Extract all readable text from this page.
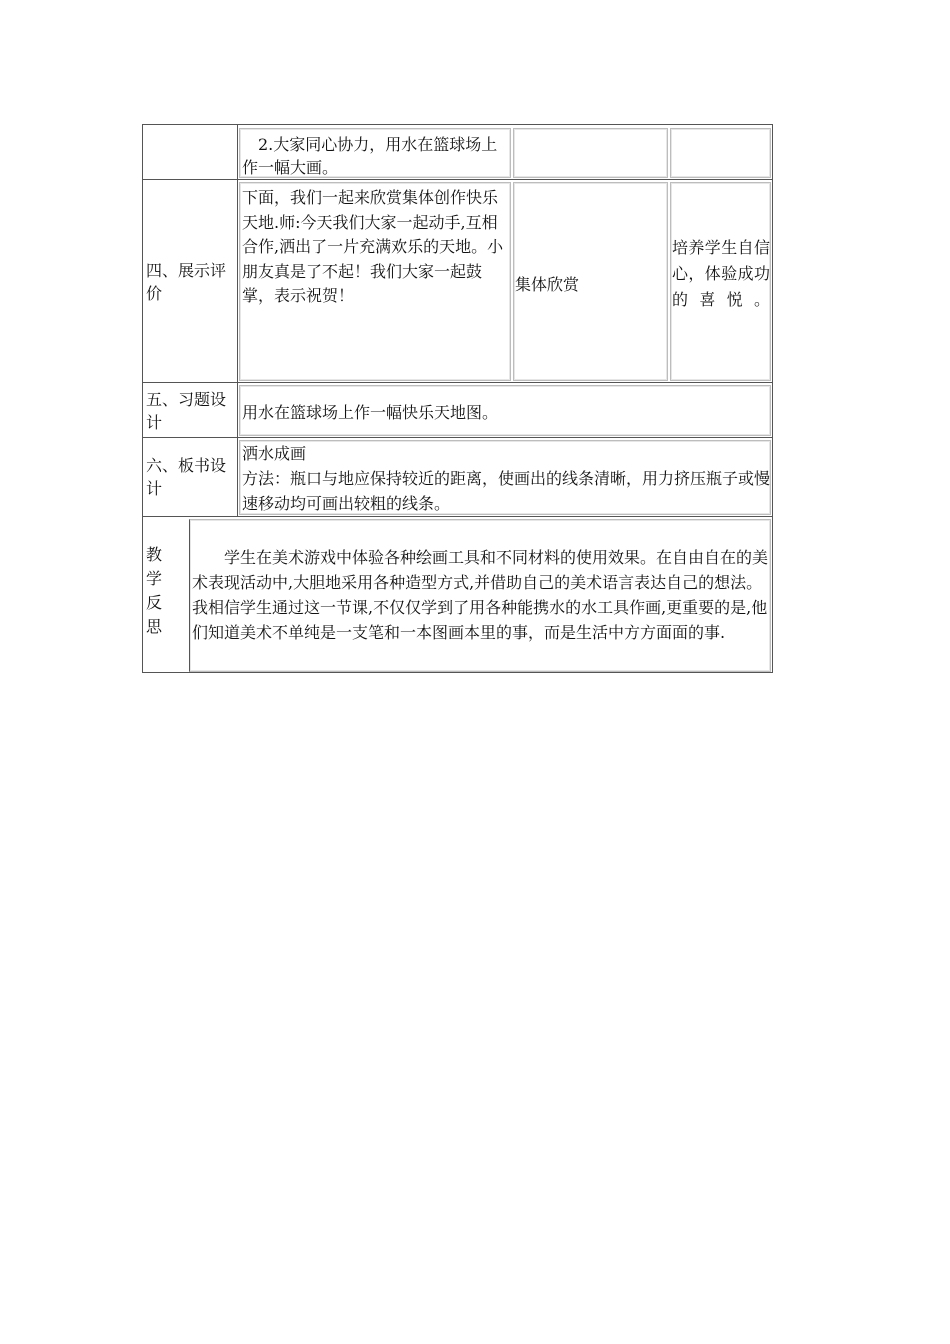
2.大家同心协力，用水在篮球场上作一幅大画。
四、展示评价
下面，我们一起来欣赏集体创作快乐天地.师:今天我们大家一起动手,互相合作,洒出了一片充满欢乐的天地。小朋友真是了不起！我们大家一起鼓掌，表示祝贺！
集体欣赏
培养学生自信心，体验成功的喜悦。
五、习题设计
用水在篮球场上作一幅快乐天地图。
六、板书设计
洒水成画
方法：瓶口与地应保持较近的距离，使画出的线条清晰，用力挤压瓶子或慢速移动均可画出较粗的线条。
教学反思
学生在美术游戏中体验各种绘画工具和不同材料的使用效果。在自由自在的美术表现活动中,大胆地采用各种造型方式,并借助自己的美术语言表达自己的想法。我相信学生通过这一节课,不仅仅学到了用各种能携水的水工具作画,更重要的是,他们知道美术不单纯是一支笔和一本图画本里的事，而是生活中方方面面的事.
